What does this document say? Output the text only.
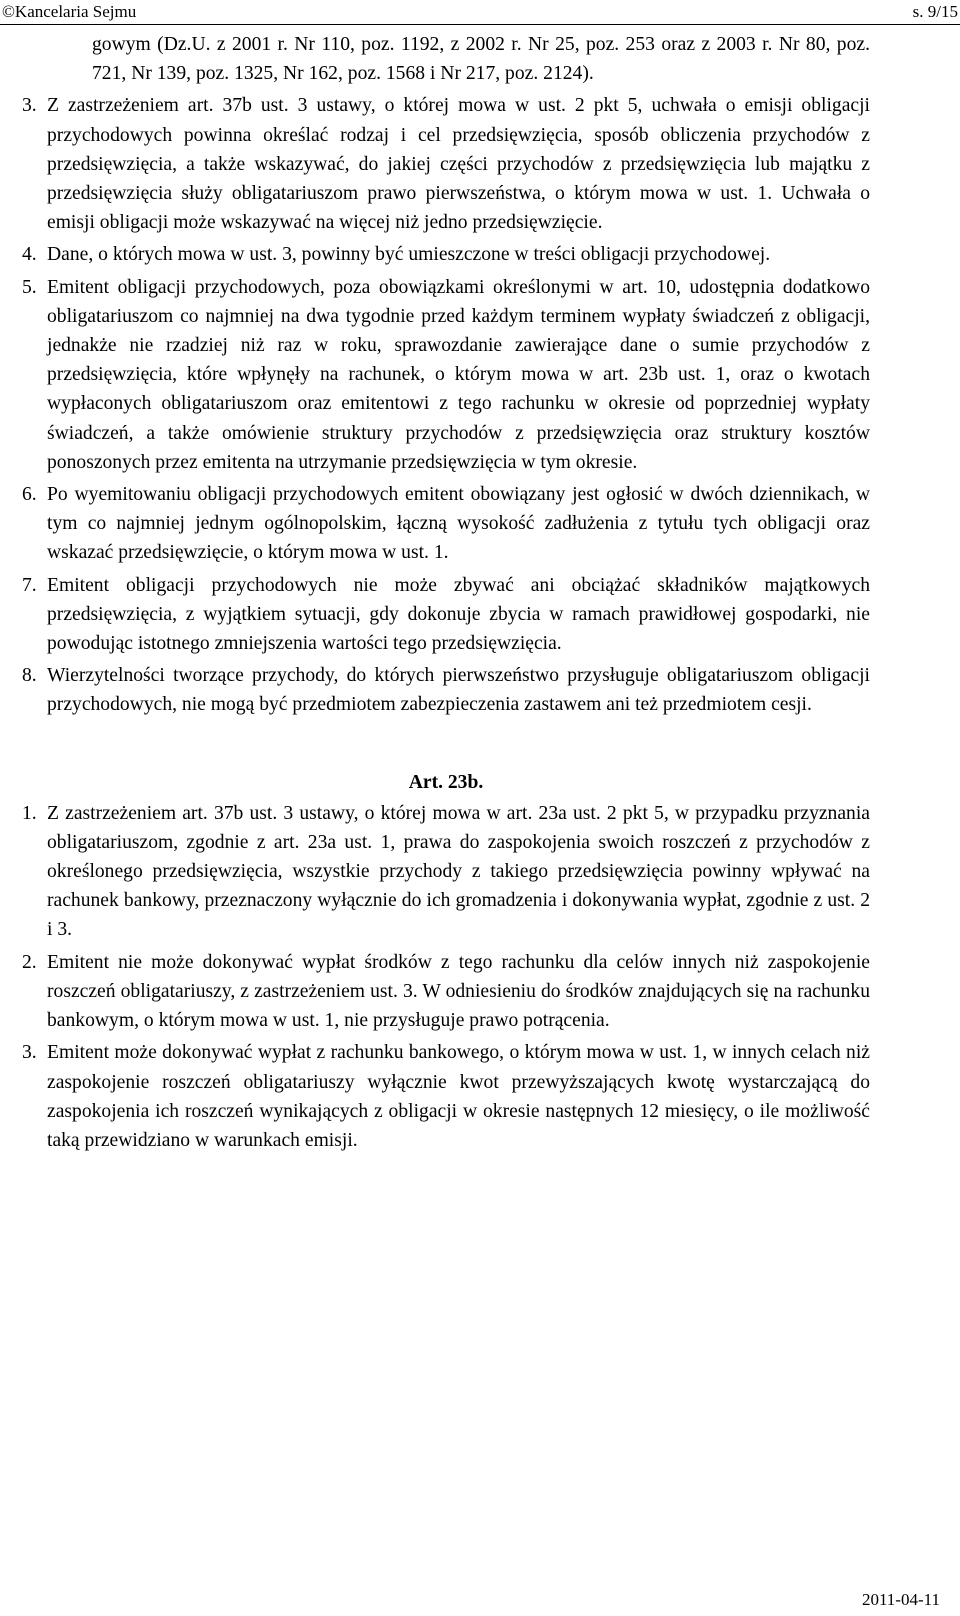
©Kancelaria Sejmu	s. 9/15

gowym (Dz.U. z 2001 r. Nr 110, poz. 1192, z 2002 r. Nr 25, poz. 253 oraz z 2003 r. Nr 80, poz. 721, Nr 139, poz. 1325, Nr 162, poz. 1568 i Nr 217, poz. 2124).

3. Z zastrzeżeniem art. 37b ust. 3 ustawy, o której mowa w ust. 2 pkt 5, uchwała o emisji obligacji przychodowych powinna określać rodzaj i cel przedsięwzięcia, sposób obliczenia przychodów z przedsięwzięcia, a także wskazywać, do jakiej części przychodów z przedsięwzięcia lub majątku z przedsięwzięcia służy obligatariuszom prawo pierwszeństwa, o którym mowa w ust. 1. Uchwała o emisji obligacji może wskazywać na więcej niż jedno przedsięwzięcie.

4. Dane, o których mowa w ust. 3, powinny być umieszczone w treści obligacji przychodowej.

5. Emitent obligacji przychodowych, poza obowiązkami określonymi w art. 10, udostępnia dodatkowo obligatariuszom co najmniej na dwa tygodnie przed każdym terminem wypłaty świadczeń z obligacji, jednakże nie rzadziej niż raz w roku, sprawozdanie zawierające dane o sumie przychodów z przedsięwzięcia, które wpłynęły na rachunek, o którym mowa w art. 23b ust. 1, oraz o kwotach wypłaconych obligatariuszom oraz emitentowi z tego rachunku w okresie od poprzedniej wypłaty świadczeń, a także omówienie struktury przychodów z przedsięwzięcia oraz struktury kosztów ponoszonych przez emitenta na utrzymanie przedsięwzięcia w tym okresie.

6. Po wyemitowaniu obligacji przychodowych emitent obowiązany jest ogłosić w dwóch dziennikach, w tym co najmniej jednym ogólnopolskim, łączną wysokość zadłużenia z tytułu tych obligacji oraz wskazać przedsięwzięcie, o którym mowa w ust. 1.

7. Emitent obligacji przychodowych nie może zbywać ani obciążać składników majątkowych przedsięwzięcia, z wyjątkiem sytuacji, gdy dokonuje zbycia w ramach prawidłowej gospodarki, nie powodując istotnego zmniejszenia wartości tego przedsięwzięcia.

8. Wierzytelności tworzące przychody, do których pierwszeństwo przysługuje obligatariuszom obligacji przychodowych, nie mogą być przedmiotem zabezpieczenia zastawem ani też przedmiotem cesji.

Art. 23b.

1. Z zastrzeżeniem art. 37b ust. 3 ustawy, o której mowa w art. 23a ust. 2 pkt 5, w przypadku przyznania obligatariuszom, zgodnie z art. 23a ust. 1, prawa do zaspokojenia swoich roszczeń z przychodów z określonego przedsięwzięcia, wszystkie przychody z takiego przedsięwzięcia powinny wpływać na rachunek bankowy, przeznaczony wyłącznie do ich gromadzenia i dokonywania wypłat, zgodnie z ust. 2 i 3.

2. Emitent nie może dokonywać wypłat środków z tego rachunku dla celów innych niż zaspokojenie roszczeń obligatariuszy, z zastrzeżeniem ust. 3. W odniesieniu do środków znajdujących się na rachunku bankowym, o którym mowa w ust. 1, nie przysługuje prawo potrącenia.

3. Emitent może dokonywać wypłat z rachunku bankowego, o którym mowa w ust. 1, w innych celach niż zaspokojenie roszczeń obligatariuszy wyłącznie kwot przewyższających kwotę wystarczającą do zaspokojenia ich roszczeń wynikających z obligacji w okresie następnych 12 miesięcy, o ile możliwość taką przewidziano w warunkach emisji.

2011-04-11
